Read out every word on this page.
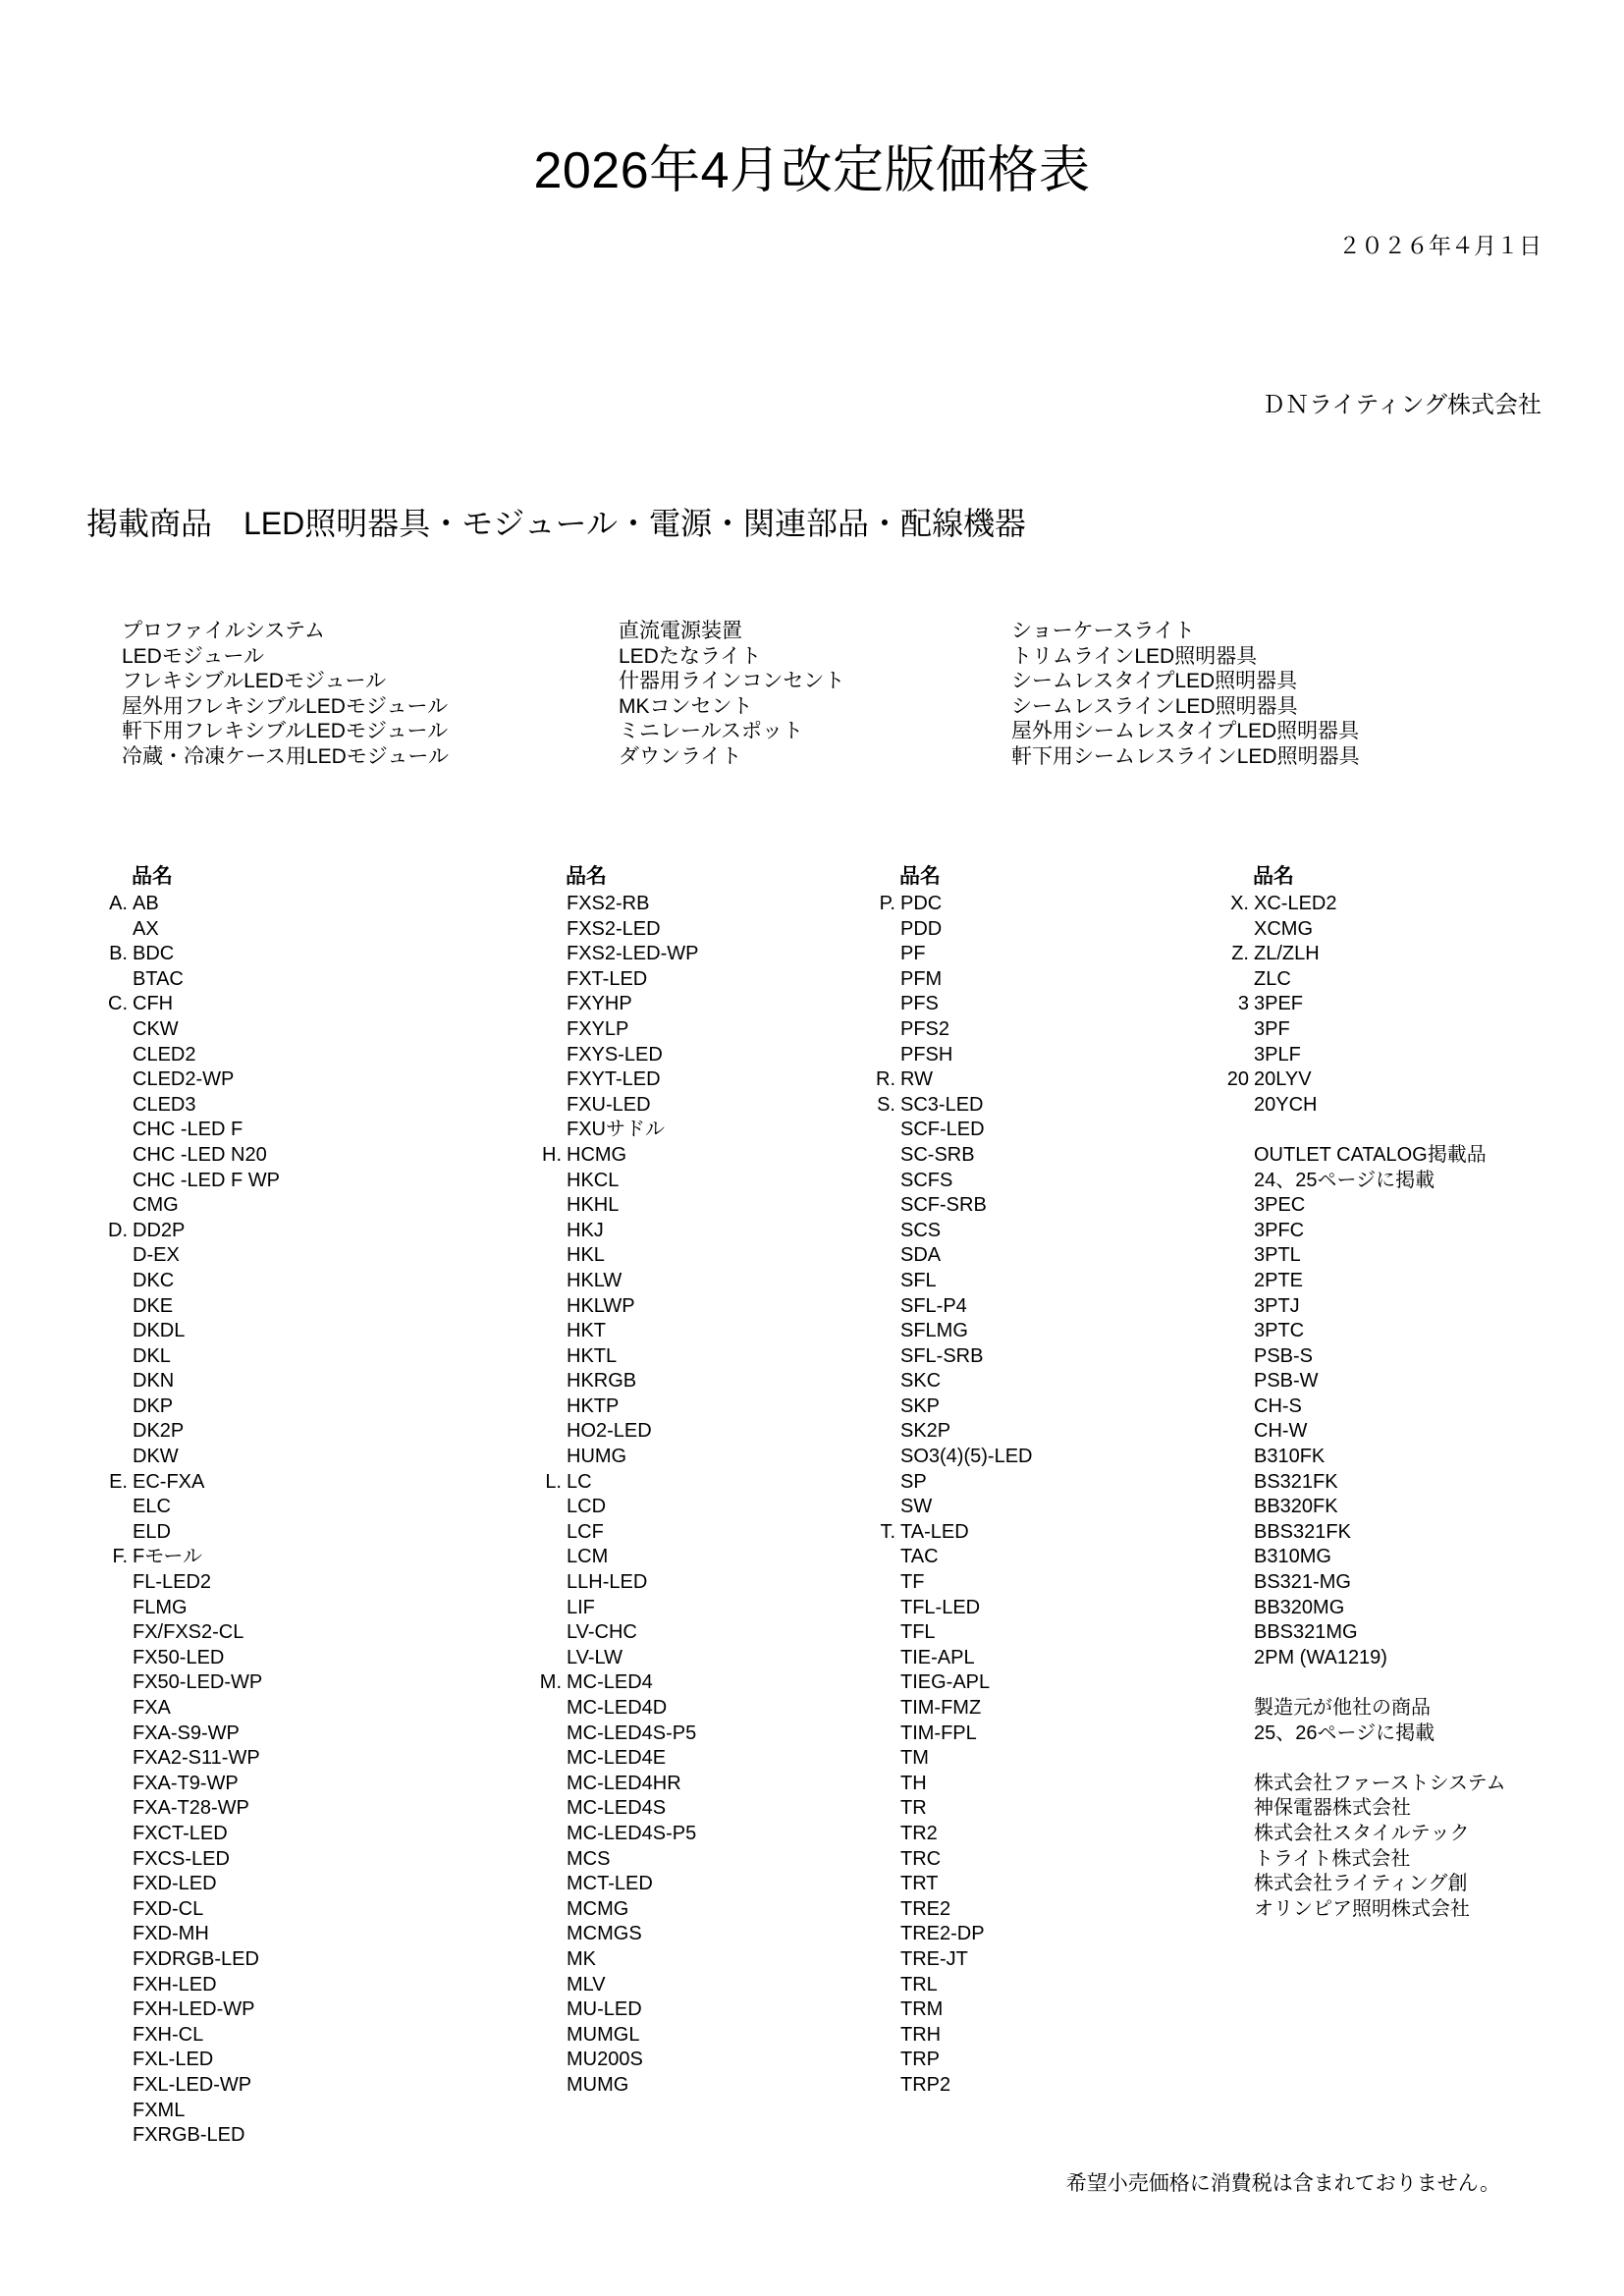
2026年4月改定版価格表
２０２６年４月１日
ＤＮライティング株式会社
掲載商品　LED照明器具・モジュール・電源・関連部品・配線機器
プロファイルシステム
LEDモジュール
フレキシブルLEDモジュール
屋外用フレキシブルLEDモジュール
軒下用フレキシブルLEDモジュール
冷蔵・冷凍ケース用LEDモジュール
直流電源装置
LEDたなライト
什器用ラインコンセント
MKコンセント
ミニレールスポット
ダウンライト
ショーケースライト
トリムラインLED照明器具
シームレスタイプLED照明器具
シームレスラインLED照明器具
屋外用シームレスタイプLED照明器具
軒下用シームレスラインLED照明器具
品名
A. AB
AX
B. BDC
BTAC
C. CFH
CKW
CLED2
CLED2-WP
CLED3
CHC -LED F
CHC -LED N20
CHC -LED F WP
CMG
D. DD2P
D-EX
DKC
DKE
DKDL
DKL
DKN
DKP
DK2P
DKW
E. EC-FXA
ELC
ELD
F. Fモール
FL-LED2
FLMG
FX/FXS2-CL
FX50-LED
FX50-LED-WP
FXA
FXA-S9-WP
FXA2-S11-WP
FXA-T9-WP
FXA-T28-WP
FXCT-LED
FXCS-LED
FXD-LED
FXD-CL
FXD-MH
FXDRGB-LED
FXH-LED
FXH-LED-WP
FXH-CL
FXL-LED
FXL-LED-WP
FXML
FXRGB-LED
品名
FXS2-RB
FXS2-LED
FXS2-LED-WP
FXT-LED
FXYHP
FXYLP
FXYS-LED
FXYT-LED
FXU-LED
FXUサドル
H. HCMG
HKCL
HKHL
HKJ
HKL
HKLW
HKLWP
HKT
HKTL
HKRGB
HKTP
HO2-LED
HUMG
L. LC
LCD
LCF
LCM
LLH-LED
LIF
LV-CHC
LV-LW
M. MC-LED4
MC-LED4D
MC-LED4S-P5
MC-LED4E
MC-LED4HR
MC-LED4S
MC-LED4S-P5
MCS
MCT-LED
MCMG
MCMGS
MK
MLV
MU-LED
MUMGL
MU200S
MUMG
品名
P. PDC
PDD
PF
PFM
PFS
PFS2
PFSH
R. RW
S. SC3-LED
SCF-LED
SC-SRB
SCFS
SCF-SRB
SCS
SDA
SFL
SFL-P4
SFLMG
SFL-SRB
SKC
SKP
SK2P
SO3(4)(5)-LED
SP
SW
T. TA-LED
TAC
TF
TFL-LED
TFL
TIE-APL
TIEG-APL
TIM-FMZ
TIM-FPL
TM
TH
TR
TR2
TRC
TRT
TRE2
TRE2-DP
TRE-JT
TRL
TRM
TRH
TRP
TRP2
品名
X. XC-LED2
XCMG
Z. ZL/ZLH
ZLC
3 3PEF
3PF
3PLF
20 20LYV
20YCH
OUTLET CATALOG掲載品
24、25ページに掲載
3PEC
3PFC
3PTL
2PTE
3PTJ
3PTC
PSB-S
PSB-W
CH-S
CH-W
B310FK
BS321FK
BB320FK
BBS321FK
B310MG
BS321-MG
BB320MG
BBS321MG
2PM (WA1219)
製造元が他社の商品
25、26ページに掲載
株式会社ファーストシステム
神保電器株式会社
株式会社スタイルテック
トライト株式会社
株式会社ライティング創
オリンピア照明株式会社
希望小売価格に消費税は含まれておりません。
